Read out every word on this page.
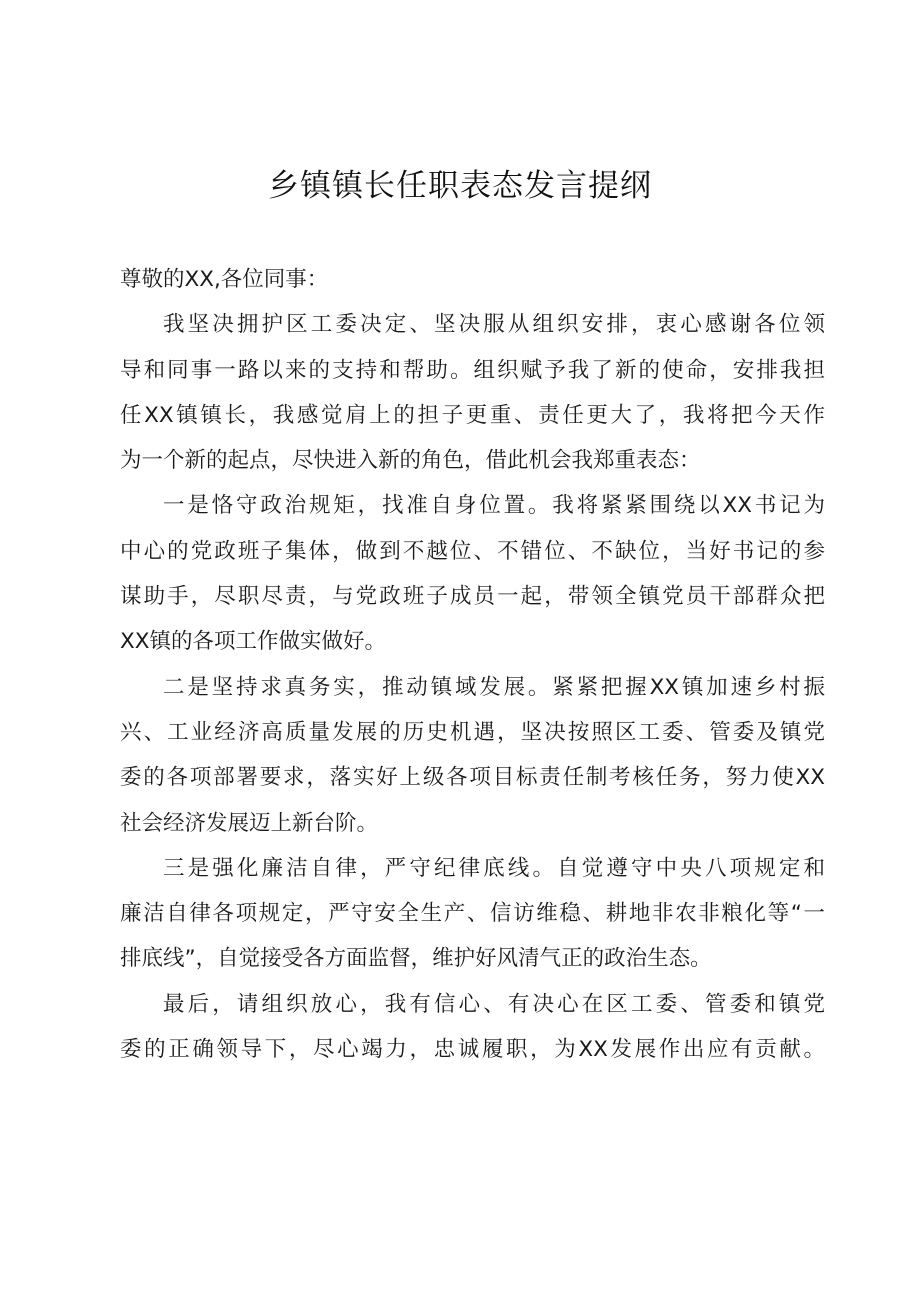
乡镇镇长任职表态发言提纲
尊敬的XX,各位同事：
我坚决拥护区工委决定、坚决服从组织安排，衷心感谢各位领
导和同事一路以来的支持和帮助。组织赋予我了新的使命，安排我担
任XX镇镇长，我感觉肩上的担子更重、责任更大了，我将把今天作
为一个新的起点，尽快进入新的角色，借此机会我郑重表态：
一是恪守政治规矩，找准自身位置。我将紧紧围绕以XX书记为
中心的党政班子集体，做到不越位、不错位、不缺位，当好书记的参
谋助手，尽职尽责，与党政班子成员一起，带领全镇党员干部群众把
XX镇的各项工作做实做好。
二是坚持求真务实，推动镇域发展。紧紧把握XX镇加速乡村振
兴、工业经济高质量发展的历史机遇，坚决按照区工委、管委及镇党
委的各项部署要求，落实好上级各项目标责任制考核任务，努力使XX
社会经济发展迈上新台阶。
三是强化廉洁自律，严守纪律底线。自觉遵守中央八项规定和
廉洁自律各项规定，严守安全生产、信访维稳、耕地非农非粮化等“一
排底线”，自觉接受各方面监督，维护好风清气正的政治生态。
最后，请组织放心，我有信心、有决心在区工委、管委和镇党
委的正确领导下，尽心竭力，忠诚履职，为XX发展作出应有贡献。
